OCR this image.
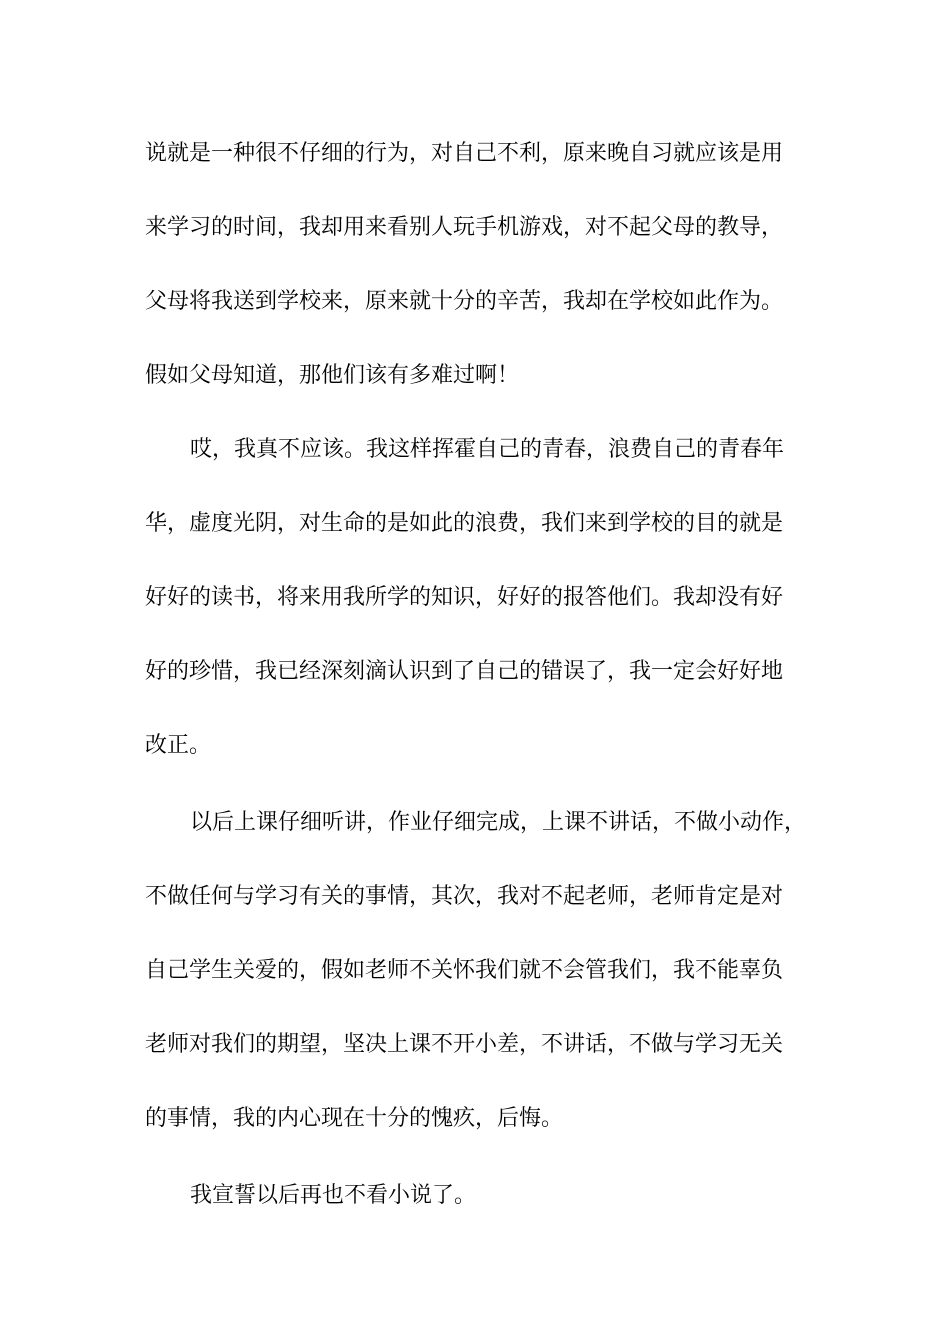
说就是一种很不仔细的行为，对自己不利，原来晚自习就应该是用

来学习的时间，我却用来看别人玩手机游戏，对不起父母的教导，

父母将我送到学校来，原来就十分的辛苦，我却在学校如此作为。

假如父母知道，那他们该有多难过啊！

哎，我真不应该。我这样挥霍自己的青春，浪费自己的青春年

华，虚度光阴，对生命的是如此的浪费，我们来到学校的目的就是

好好的读书，将来用我所学的知识，好好的报答他们。我却没有好

好的珍惜，我已经深刻滴认识到了自己的错误了，我一定会好好地

改正。

以后上课仔细听讲，作业仔细完成，上课不讲话，不做小动作，

不做任何与学习有关的事情，其次，我对不起老师，老师肯定是对

自己学生关爱的，假如老师不关怀我们就不会管我们，我不能辜负

老师对我们的期望，坚决上课不开小差，不讲话，不做与学习无关

的事情，我的内心现在十分的愧疚，后悔。

我宣誓以后再也不看小说了。
